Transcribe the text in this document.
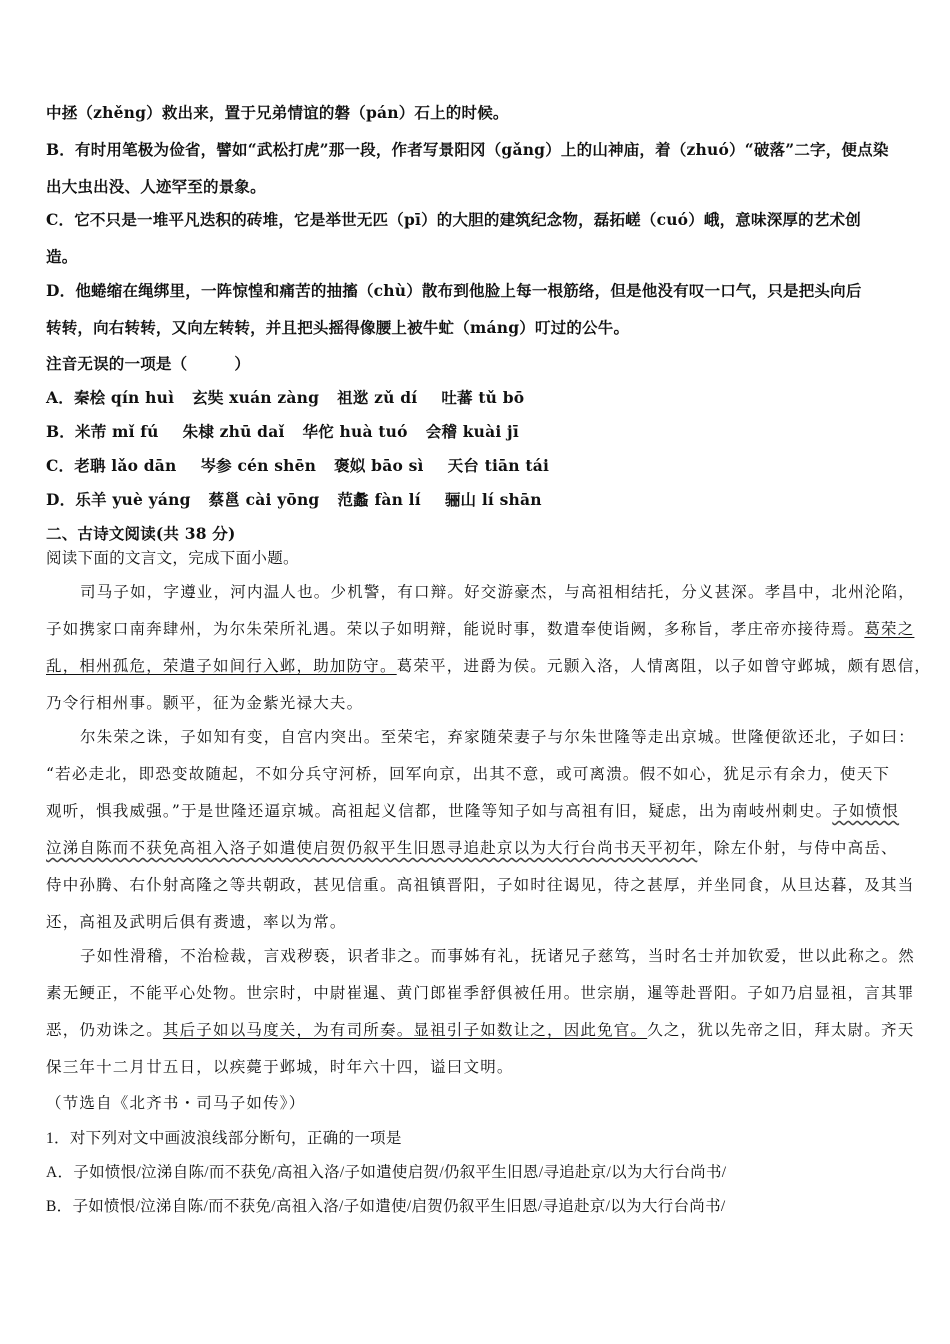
中拯（zhěng）救出来，置于兄弟情谊的磐（pán）石上的时候。
B．有时用笔极为俭省，譬如“武松打虎”那一段，作者写景阳冈（gǎng）上的山神庙，着（zhuó）“破落”二字，便点染
出大虫出没、人迹罕至的景象。
C．它不只是一堆平凡迭积的砖堆，它是举世无匹（pī）的大胆的建筑纪念物，磊拓嵯（cuó）峨，意味深厚的艺术创
造。
D．他蜷缩在绳绑里，一阵惊惶和痛苦的抽搐（chù）散布到他脸上每一根筋络，但是他没有叹一口气，只是把头向后
转转，向右转转，又向左转转，并且把头摇得像腰上被牛虻（máng）叮过的公牛。
注音无误的一项是（　　　）
A．秦桧 qín huì 玄奘 xuán zàng 祖逖 zǔ dí 吐蕃 tǔ bō
B．米芾 mǐ fú 朱棣 zhū daǐ 华佗 huà tuó 会稽 kuài jī
C．老聃 lǎo dān 岑参 cén shēn 褒姒 bāo sì 天台 tiān tái
D．乐羊 yuè yáng 蔡邕 cài yōng 范蠡 fàn lí 骊山 lí shān
二、古诗文阅读(共 38 分)
阅读下面的文言文，完成下面小题。
司马子如，字遵业，河内温人也。少机警，有口辩。好交游豪杰，与高祖相结托，分义甚深。孝昌中，北州沦陷，
子如携家口南奔肆州，为尔朱荣所礼遇。荣以子如明辩，能说时事，数遣奉使诣阙，多称旨，孝庄帝亦接待焉。葛荣之
乱，相州孤危，荣遣子如间行入邺，助加防守。葛荣平，进爵为侯。元颢入洛，人情离阻，以子如曾守邺城，颇有恩信，
乃令行相州事。颢平，征为金紫光禄大夫。
尔朱荣之诛，子如知有变，自宫内突出。至荣宅，弃家随荣妻子与尔朱世隆等走出京城。世隆便欲还北，子如曰：
“若必走北，即恐变故随起，不如分兵守河桥，回军向京，出其不意，或可离溃。假不如心，犹足示有余力，使天下
观听，惧我威强。”于是世隆还逼京城。高祖起义信都，世隆等知子如与高祖有旧，疑虑，出为南岐州刺史。子如愤恨
泣涕自陈而不获免高祖入洛子如遣使启贺仍叙平生旧恩寻追赴京以为大行台尚书天平初年，除左仆射，与侍中高岳、
侍中孙腾、右仆射高隆之等共朝政，甚见信重。高祖镇晋阳，子如时往谒见，待之甚厚，并坐同食，从旦达暮，及其当
还，高祖及武明后俱有赉遗，率以为常。
子如性滑稽，不治检裁，言戏秽亵，识者非之。而事姊有礼，抚诸兄子慈笃，当时名士并加钦爱，世以此称之。然
素无鲠正，不能平心处物。世宗时，中尉崔暹、黄门郎崔季舒俱被任用。世宗崩，暹等赴晋阳。子如乃启显祖，言其罪
恶，仍劝诛之。其后子如以马度关，为有司所奏。显祖引子如数让之，因此免官。久之，犹以先帝之旧，拜太尉。齐天
保三年十二月廿五日，以疾薨于邺城，时年六十四，谥曰文明。
（节选自《北齐书・司马子如传》）
1．对下列对文中画波浪线部分断句，正确的一项是
A．子如愤恨/泣涕自陈/而不获免/高祖入洛/子如遣使启贺/仍叙平生旧恩/寻追赴京/以为大行台尚书/
B．子如愤恨/泣涕自陈/而不获免/高祖入洛/子如遣使/启贺仍叙平生旧恩/寻追赴京/以为大行台尚书/
